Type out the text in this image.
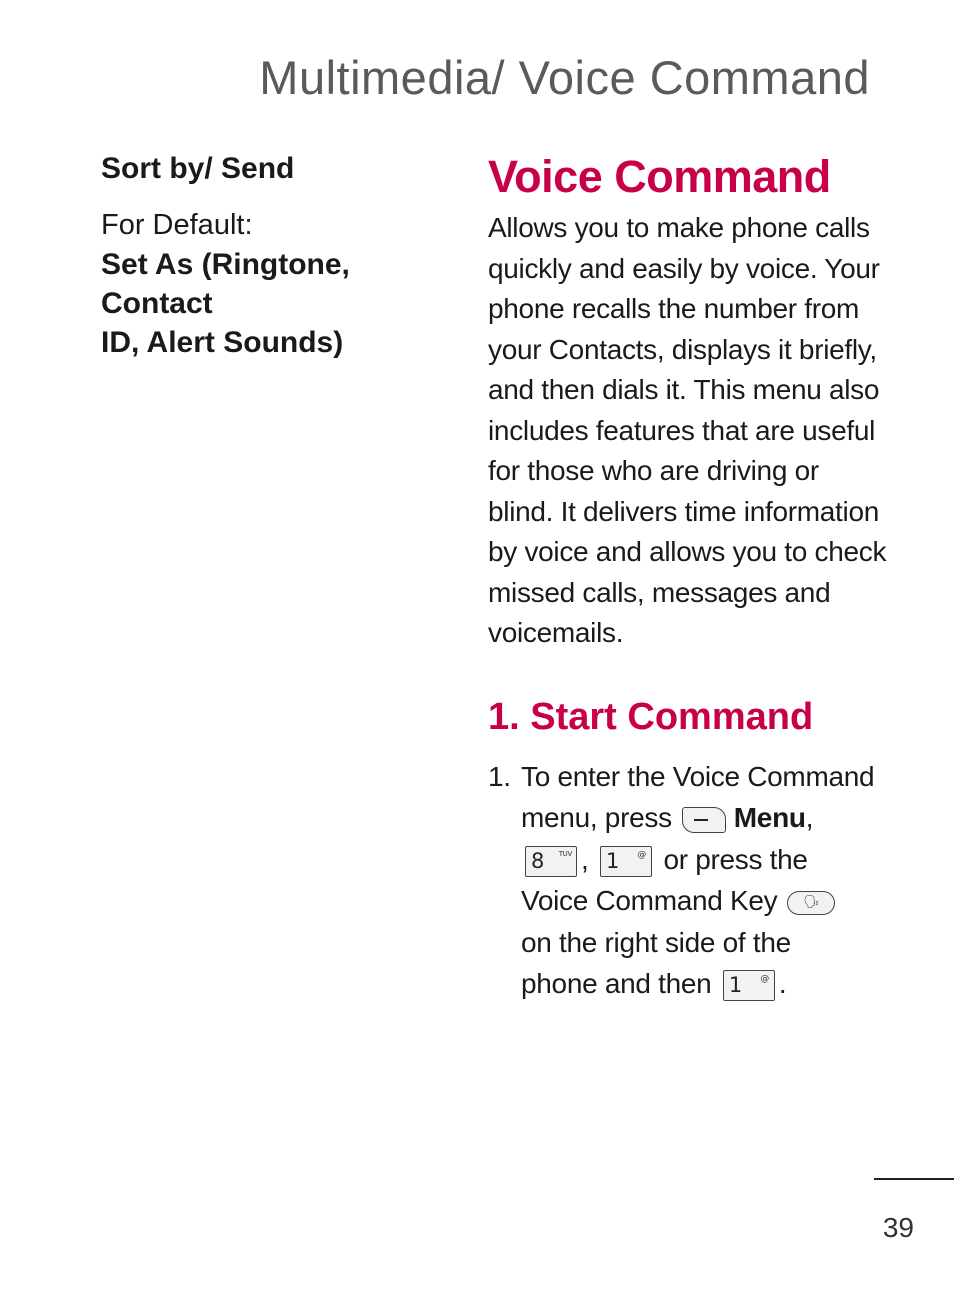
Multimedia/ Voice Command

Sort by/ Send

For Default:

Set As (Ringtone, Contact
ID, Alert Sounds)

Voice Command

Allows you to make phone calls quickly and easily by voice. Your phone recalls the number from your Contacts, displays it briefly, and then dials it. This menu also includes features that are useful for those who are driving or blind. It delivers time information by voice and allows you to check missed calls, messages and voicemails.

1. Start Command
1. To enter the Voice Command
menu, press Menu,
8 TUV , 1 @ or press the
Voice Command Key 🗣
on the right side of the
phone and then 1 @ .
39
